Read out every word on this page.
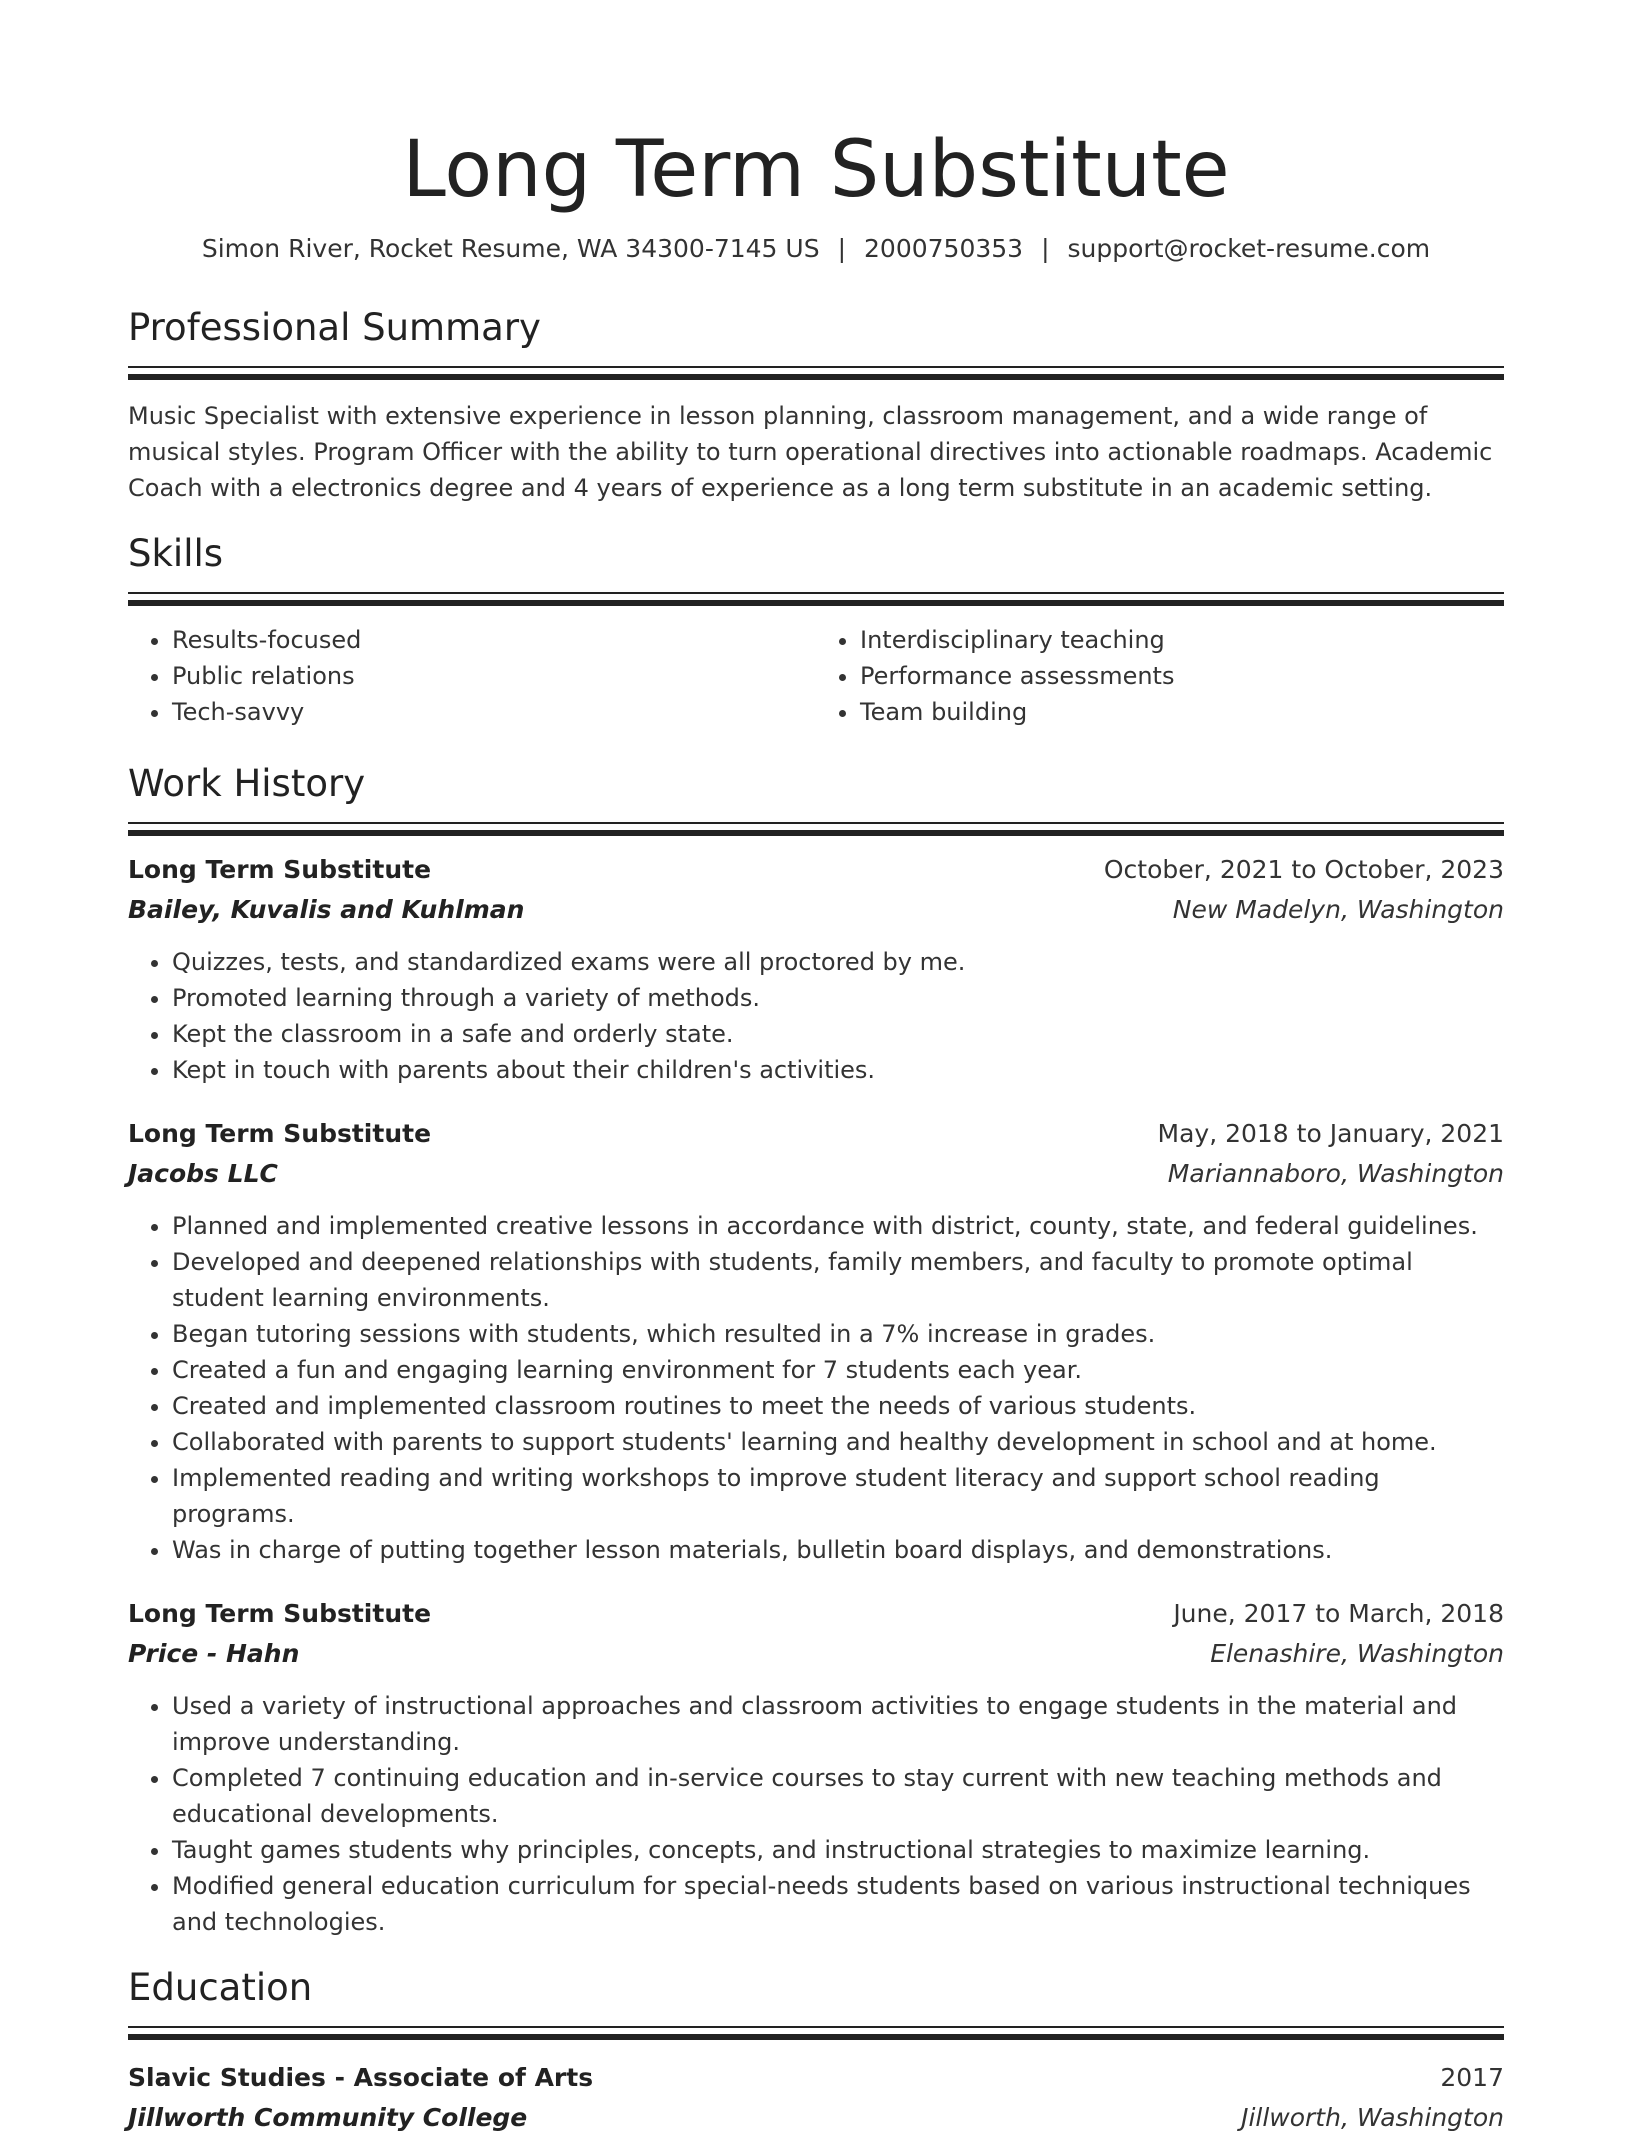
Long Term Substitute
Simon River, Rocket Resume, WA 34300-7145 US | 2000750353 | support@rocket-resume.com
Professional Summary

Music Specialist with extensive experience in lesson planning, classroom management, and a wide range of musical styles. Program Officer with the ability to turn operational directives into actionable roadmaps. Academic Coach with a electronics degree and 4 years of experience as a long term substitute in an academic setting.

Skills
• Results-focused
• Public relations
• Tech-savvy
• Interdisciplinary teaching
• Performance assessments
• Team building
Work History
Long Term Substitute	October, 2021 to October, 2023
Bailey, Kuvalis and Kuhlman	New Madelyn, Washington
• Quizzes, tests, and standardized exams were all proctored by me.
• Promoted learning through a variety of methods.
• Kept the classroom in a safe and orderly state.
• Kept in touch with parents about their children's activities.
Long Term Substitute	May, 2018 to January, 2021
Jacobs LLC	Mariannaboro, Washington
• Planned and implemented creative lessons in accordance with district, county, state, and federal guidelines.
• Developed and deepened relationships with students, family members, and faculty to promote optimal student learning environments.
• Began tutoring sessions with students, which resulted in a 7% increase in grades.
• Created a fun and engaging learning environment for 7 students each year.
• Created and implemented classroom routines to meet the needs of various students.
• Collaborated with parents to support students' learning and healthy development in school and at home.
• Implemented reading and writing workshops to improve student literacy and support school reading programs.
• Was in charge of putting together lesson materials, bulletin board displays, and demonstrations.
Long Term Substitute	June, 2017 to March, 2018
Price - Hahn	Elenashire, Washington
• Used a variety of instructional approaches and classroom activities to engage students in the material and improve understanding.
• Completed 7 continuing education and in-service courses to stay current with new teaching methods and educational developments.
• Taught games students why principles, concepts, and instructional strategies to maximize learning.
• Modified general education curriculum for special-needs students based on various instructional techniques and technologies.
Education
Slavic Studies - Associate of Arts	2017
Jillworth Community College	Jillworth, Washington
